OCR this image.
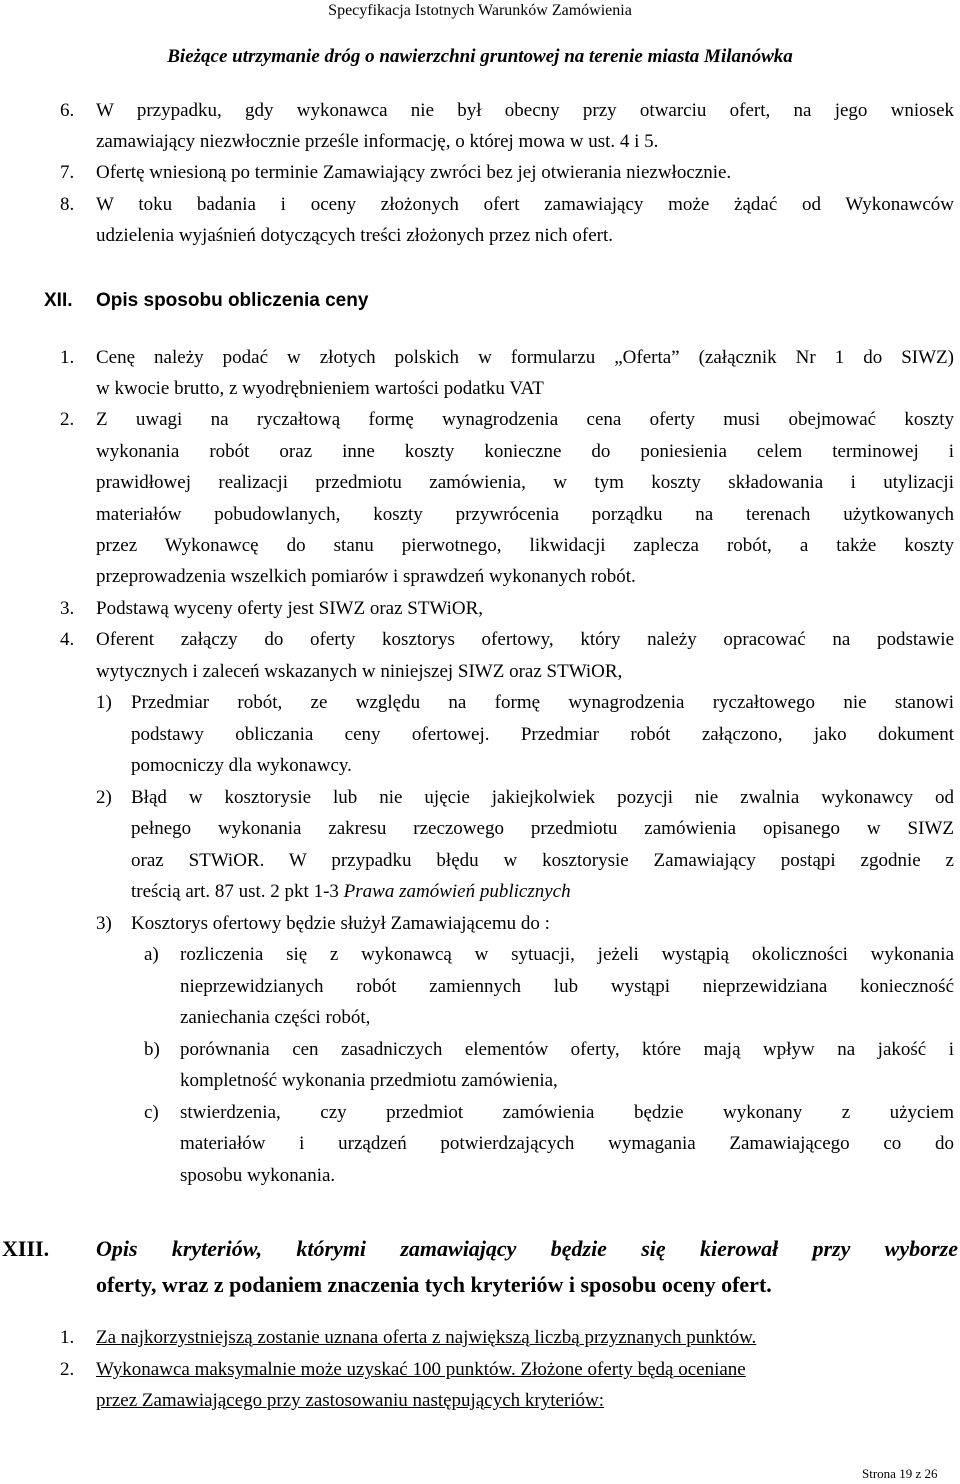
Specyfikacja Istotnych Warunków Zamówienia
Bieżące utrzymanie dróg o nawierzchni gruntowej na terenie miasta Milanówka
6. W przypadku, gdy wykonawca nie był obecny przy otwarciu ofert, na jego wniosek
zamawiający niezwłocznie prześle informację, o której mowa w ust. 4 i 5.
7. Ofertę wniesioną po terminie Zamawiający zwróci bez jej otwierania niezwłocznie.
8. W toku badania i oceny złożonych ofert zamawiający może żądać od Wykonawców
udzielenia wyjaśnień dotyczących treści złożonych przez nich ofert.
XII. Opis sposobu obliczenia ceny
1. Cenę należy podać w złotych polskich w formularzu „Oferta” (załącznik Nr 1 do SIWZ)
w kwocie brutto, z wyodrębnieniem wartości podatku VAT
2. Z uwagi na ryczałtową formę wynagrodzenia cena oferty musi obejmować koszty
wykonania robót oraz inne koszty konieczne do poniesienia celem terminowej i
prawidłowej realizacji przedmiotu zamówienia, w tym koszty składowania i utylizacji
materiałów pobudowlanych, koszty przywrócenia porządku na terenach użytkowanych
przez Wykonawcę do stanu pierwotnego, likwidacji zaplecza robót, a także koszty
przeprowadzenia wszelkich pomiarów i sprawdzeń wykonanych robót.
3. Podstawą wyceny oferty jest SIWZ oraz STWiOR,
4. Oferent załączy do oferty kosztorys ofertowy, który należy opracować na podstawie
wytycznych i zaleceń wskazanych w niniejszej SIWZ oraz STWiOR,
1) Przedmiar robót, ze względu na formę wynagrodzenia ryczałtowego nie stanowi
podstawy obliczania ceny ofertowej. Przedmiar robót załączono, jako dokument
pomocniczy dla wykonawcy.
2) Błąd w kosztorysie lub nie ujęcie jakiejkolwiek pozycji nie zwalnia wykonawcy od
pełnego wykonania zakresu rzeczowego przedmiotu zamówienia opisanego w SIWZ
oraz STWiOR. W przypadku błędu w kosztorysie Zamawiający postąpi zgodnie z
treścią art. 87 ust. 2 pkt 1-3 Prawa zamówień publicznych
3) Kosztorys ofertowy będzie służył Zamawiającemu do :
a) rozliczenia się z wykonawcą w sytuacji, jeżeli wystąpią okoliczności wykonania
nieprzewidzianych robót zamiennych lub wystąpi nieprzewidziana konieczność
zaniechania części robót,
b) porównania cen zasadniczych elementów oferty, które mają wpływ na jakość i
kompletność wykonania przedmiotu zamówienia,
c) stwierdzenia, czy przedmiot zamówienia będzie wykonany z użyciem
materiałów i urządzeń potwierdzających wymagania Zamawiającego co do
sposobu wykonania.
XIII. Opis kryteriów, którymi zamawiający będzie się kierował przy wyborze
oferty, wraz z podaniem znaczenia tych kryteriów i sposobu oceny ofert.
1. Za najkorzystniejszą zostanie uznana oferta z największą liczbą przyznanych punktów.
2. Wykonawca maksymalnie może uzyskać 100 punktów. Złożone oferty będą oceniane
przez Zamawiającego przy zastosowaniu następujących kryteriów:
Strona 19 z 26
